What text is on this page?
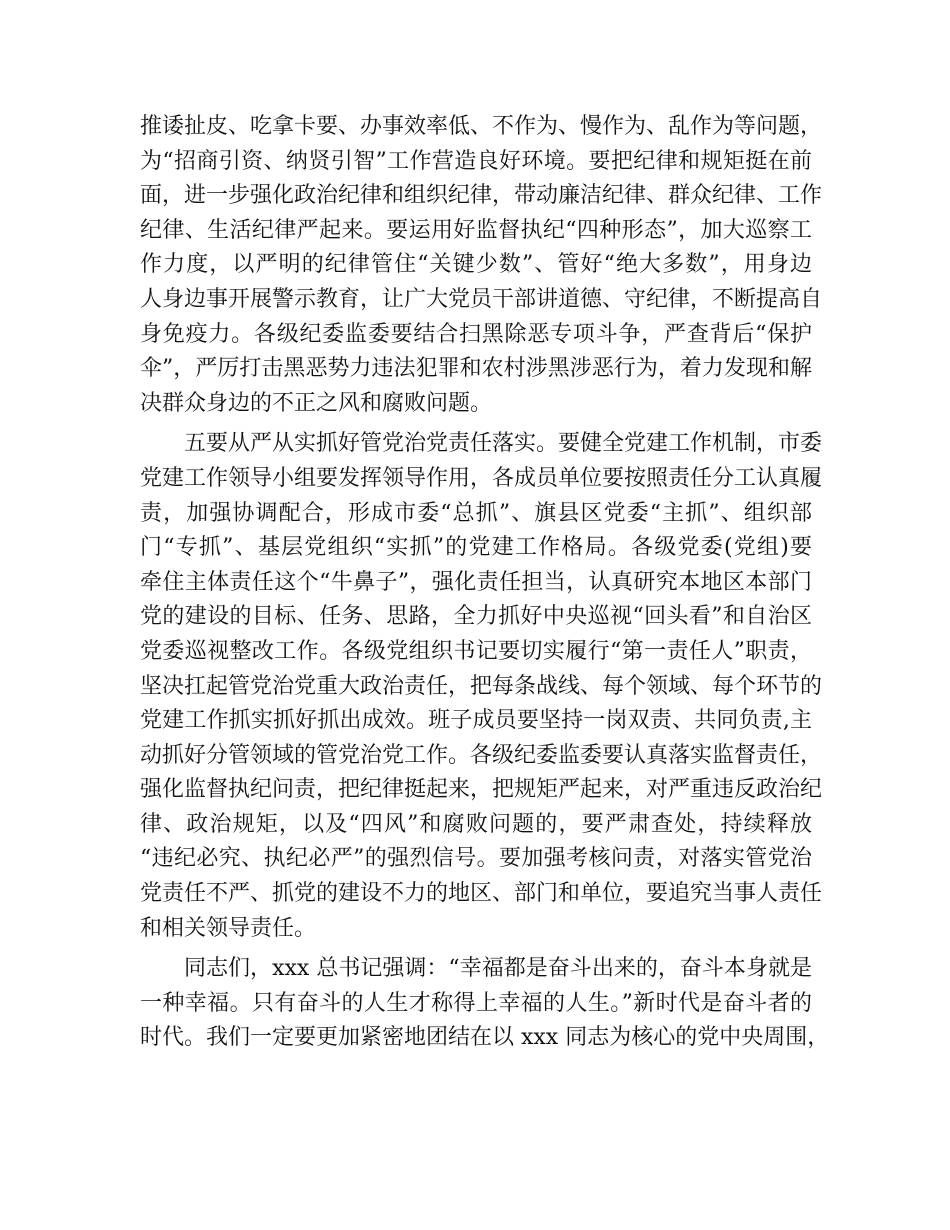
推诿扯皮、吃拿卡要、办事效率低、不作为、慢作为、乱作为等问题，
为“招商引资、纳贤引智”工作营造良好环境。要把纪律和规矩挺在前
面，进一步强化政治纪律和组织纪律，带动廉洁纪律、群众纪律、工作
纪律、生活纪律严起来。要运用好监督执纪“四种形态”，加大巡察工
作力度，以严明的纪律管住“关键少数”、管好“绝大多数”，用身边
人身边事开展警示教育，让广大党员干部讲道德、守纪律，不断提高自
身免疫力。各级纪委监委要结合扫黑除恶专项斗争，严查背后“保护
伞”，严厉打击黑恶势力违法犯罪和农村涉黑涉恶行为，着力发现和解
决群众身边的不正之风和腐败问题。
五要从严从实抓好管党治党责任落实。要健全党建工作机制，市委
党建工作领导小组要发挥领导作用，各成员单位要按照责任分工认真履
责，加强协调配合，形成市委“总抓”、旗县区党委“主抓”、组织部
门“专抓”、基层党组织“实抓”的党建工作格局。各级党委(党组)要
牵住主体责任这个“牛鼻子”，强化责任担当，认真研究本地区本部门
党的建设的目标、任务、思路，全力抓好中央巡视“回头看”和自治区
党委巡视整改工作。各级党组织书记要切实履行“第一责任人”职责，
坚决扛起管党治党重大政治责任，把每条战线、每个领域、每个环节的
党建工作抓实抓好抓出成效。班子成员要坚持一岗双责、共同负责,主
动抓好分管领域的管党治党工作。各级纪委监委要认真落实监督责任，
强化监督执纪问责，把纪律挺起来，把规矩严起来，对严重违反政治纪
律、政治规矩，以及“四风”和腐败问题的，要严肃查处，持续释放
“违纪必究、执纪必严”的强烈信号。要加强考核问责，对落实管党治
党责任不严、抓党的建设不力的地区、部门和单位，要追究当事人责任
和相关领导责任。
同志们，xxx 总书记强调：“幸福都是奋斗出来的，奋斗本身就是
一种幸福。只有奋斗的人生才称得上幸福的人生。”新时代是奋斗者的
时代。我们一定要更加紧密地团结在以 xxx 同志为核心的党中央周围，
